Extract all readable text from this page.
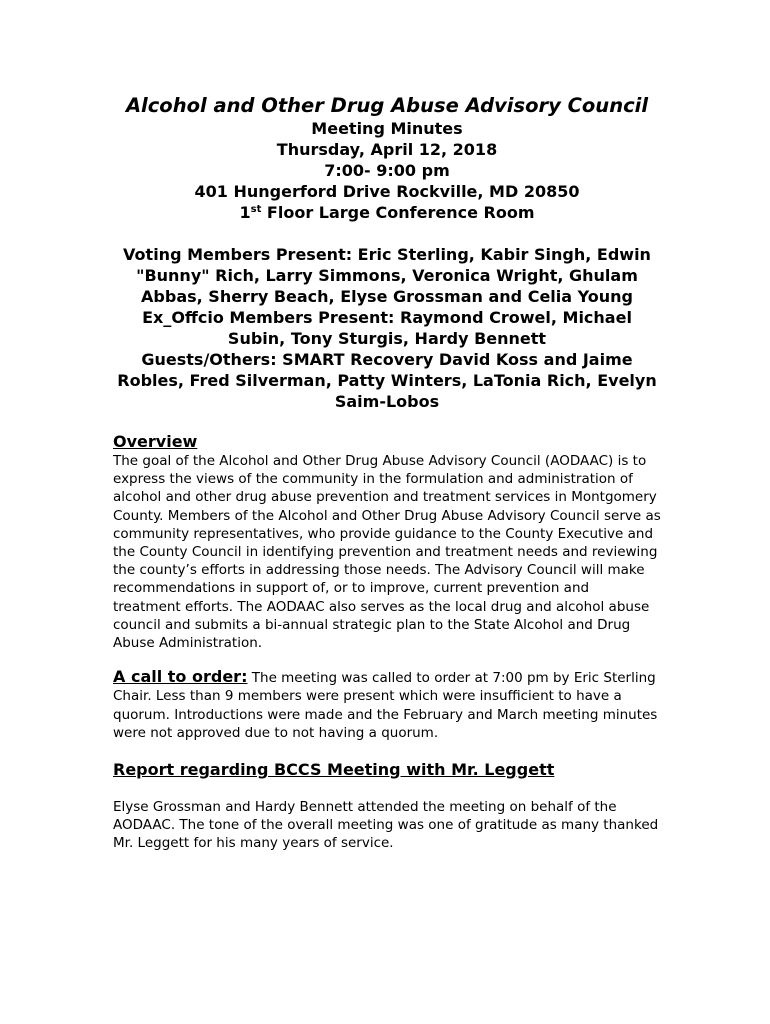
Alcohol and Other Drug Abuse Advisory Council
Meeting Minutes
Thursday, April 12, 2018
7:00- 9:00 pm
401 Hungerford Drive Rockville, MD 20850
1st Floor Large Conference Room

Voting Members Present: Eric Sterling, Kabir Singh, Edwin "Bunny" Rich, Larry Simmons, Veronica Wright, Ghulam Abbas, Sherry Beach, Elyse Grossman and Celia Young

Ex_Offcio Members Present: Raymond Crowel, Michael Subin, Tony Sturgis, Hardy Bennett

Guests/Others: SMART Recovery David Koss and Jaime Robles, Fred Silverman, Patty Winters, LaTonia Rich, Evelyn Saim-Lobos

Overview

The goal of the Alcohol and Other Drug Abuse Advisory Council (AODAAC) is to express the views of the community in the formulation and administration of alcohol and other drug abuse prevention and treatment services in Montgomery County. Members of the Alcohol and Other Drug Abuse Advisory Council serve as community representatives, who provide guidance to the County Executive and the County Council in identifying prevention and treatment needs and reviewing the county’s efforts in addressing those needs. The Advisory Council will make recommendations in support of, or to improve, current prevention and treatment efforts. The AODAAC also serves as the local drug and alcohol abuse council and submits a bi-annual strategic plan to the State Alcohol and Drug Abuse Administration.

A call to order: The meeting was called to order at 7:00 pm by Eric Sterling Chair. Less than 9 members were present which were insufficient to have a quorum. Introductions were made and the February and March meeting minutes were not approved due to not having a quorum.

Report regarding BCCS Meeting with Mr. Leggett

Elyse Grossman and Hardy Bennett attended the meeting on behalf of the AODAAC. The tone of the overall meeting was one of gratitude as many thanked Mr. Leggett for his many years of service.
